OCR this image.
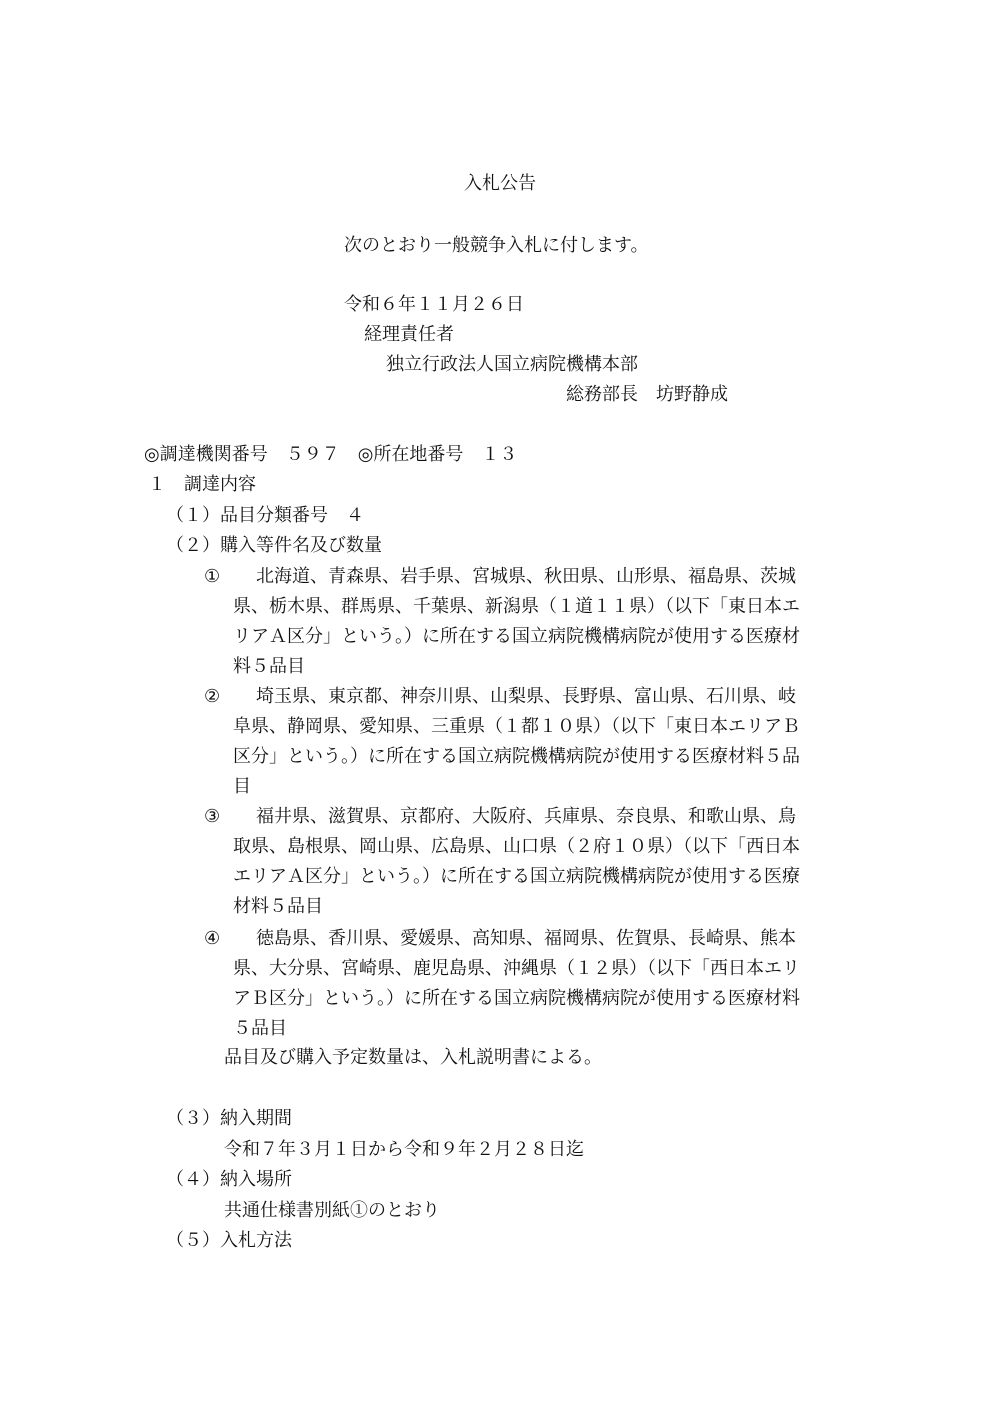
入札公告
次のとおり一般競争入札に付します。
令和６年１１月２６日
経理責任者
独立行政法人国立病院機構本部
総務部長　坊野静成
◎調達機関番号　５９７　◎所在地番号　１３
１　調達内容
（１）品目分類番号　４
（２）購入等件名及び数量
① 北海道、青森県、岩手県、宮城県、秋田県、山形県、福島県、茨城
県、栃木県、群馬県、千葉県、新潟県（１道１１県）（以下「東日本エ
リアＡ区分」という。）に所在する国立病院機構病院が使用する医療材
料５品目
② 埼玉県、東京都、神奈川県、山梨県、長野県、富山県、石川県、岐
阜県、静岡県、愛知県、三重県（１都１０県）（以下「東日本エリアＢ
区分」という。）に所在する国立病院機構病院が使用する医療材料５品
目
③ 福井県、滋賀県、京都府、大阪府、兵庫県、奈良県、和歌山県、鳥
取県、島根県、岡山県、広島県、山口県（２府１０県）（以下「西日本
エリアＡ区分」という。）に所在する国立病院機構病院が使用する医療
材料５品目
④ 徳島県、香川県、愛媛県、高知県、福岡県、佐賀県、長崎県、熊本
県、大分県、宮崎県、鹿児島県、沖縄県（１２県）（以下「西日本エリ
アＢ区分」という。）に所在する国立病院機構病院が使用する医療材料
５品目
品目及び購入予定数量は、入札説明書による。
（３）納入期間
令和７年３月１日から令和９年２月２８日迄
（４）納入場所
共通仕様書別紙①のとおり
（５）入札方法
